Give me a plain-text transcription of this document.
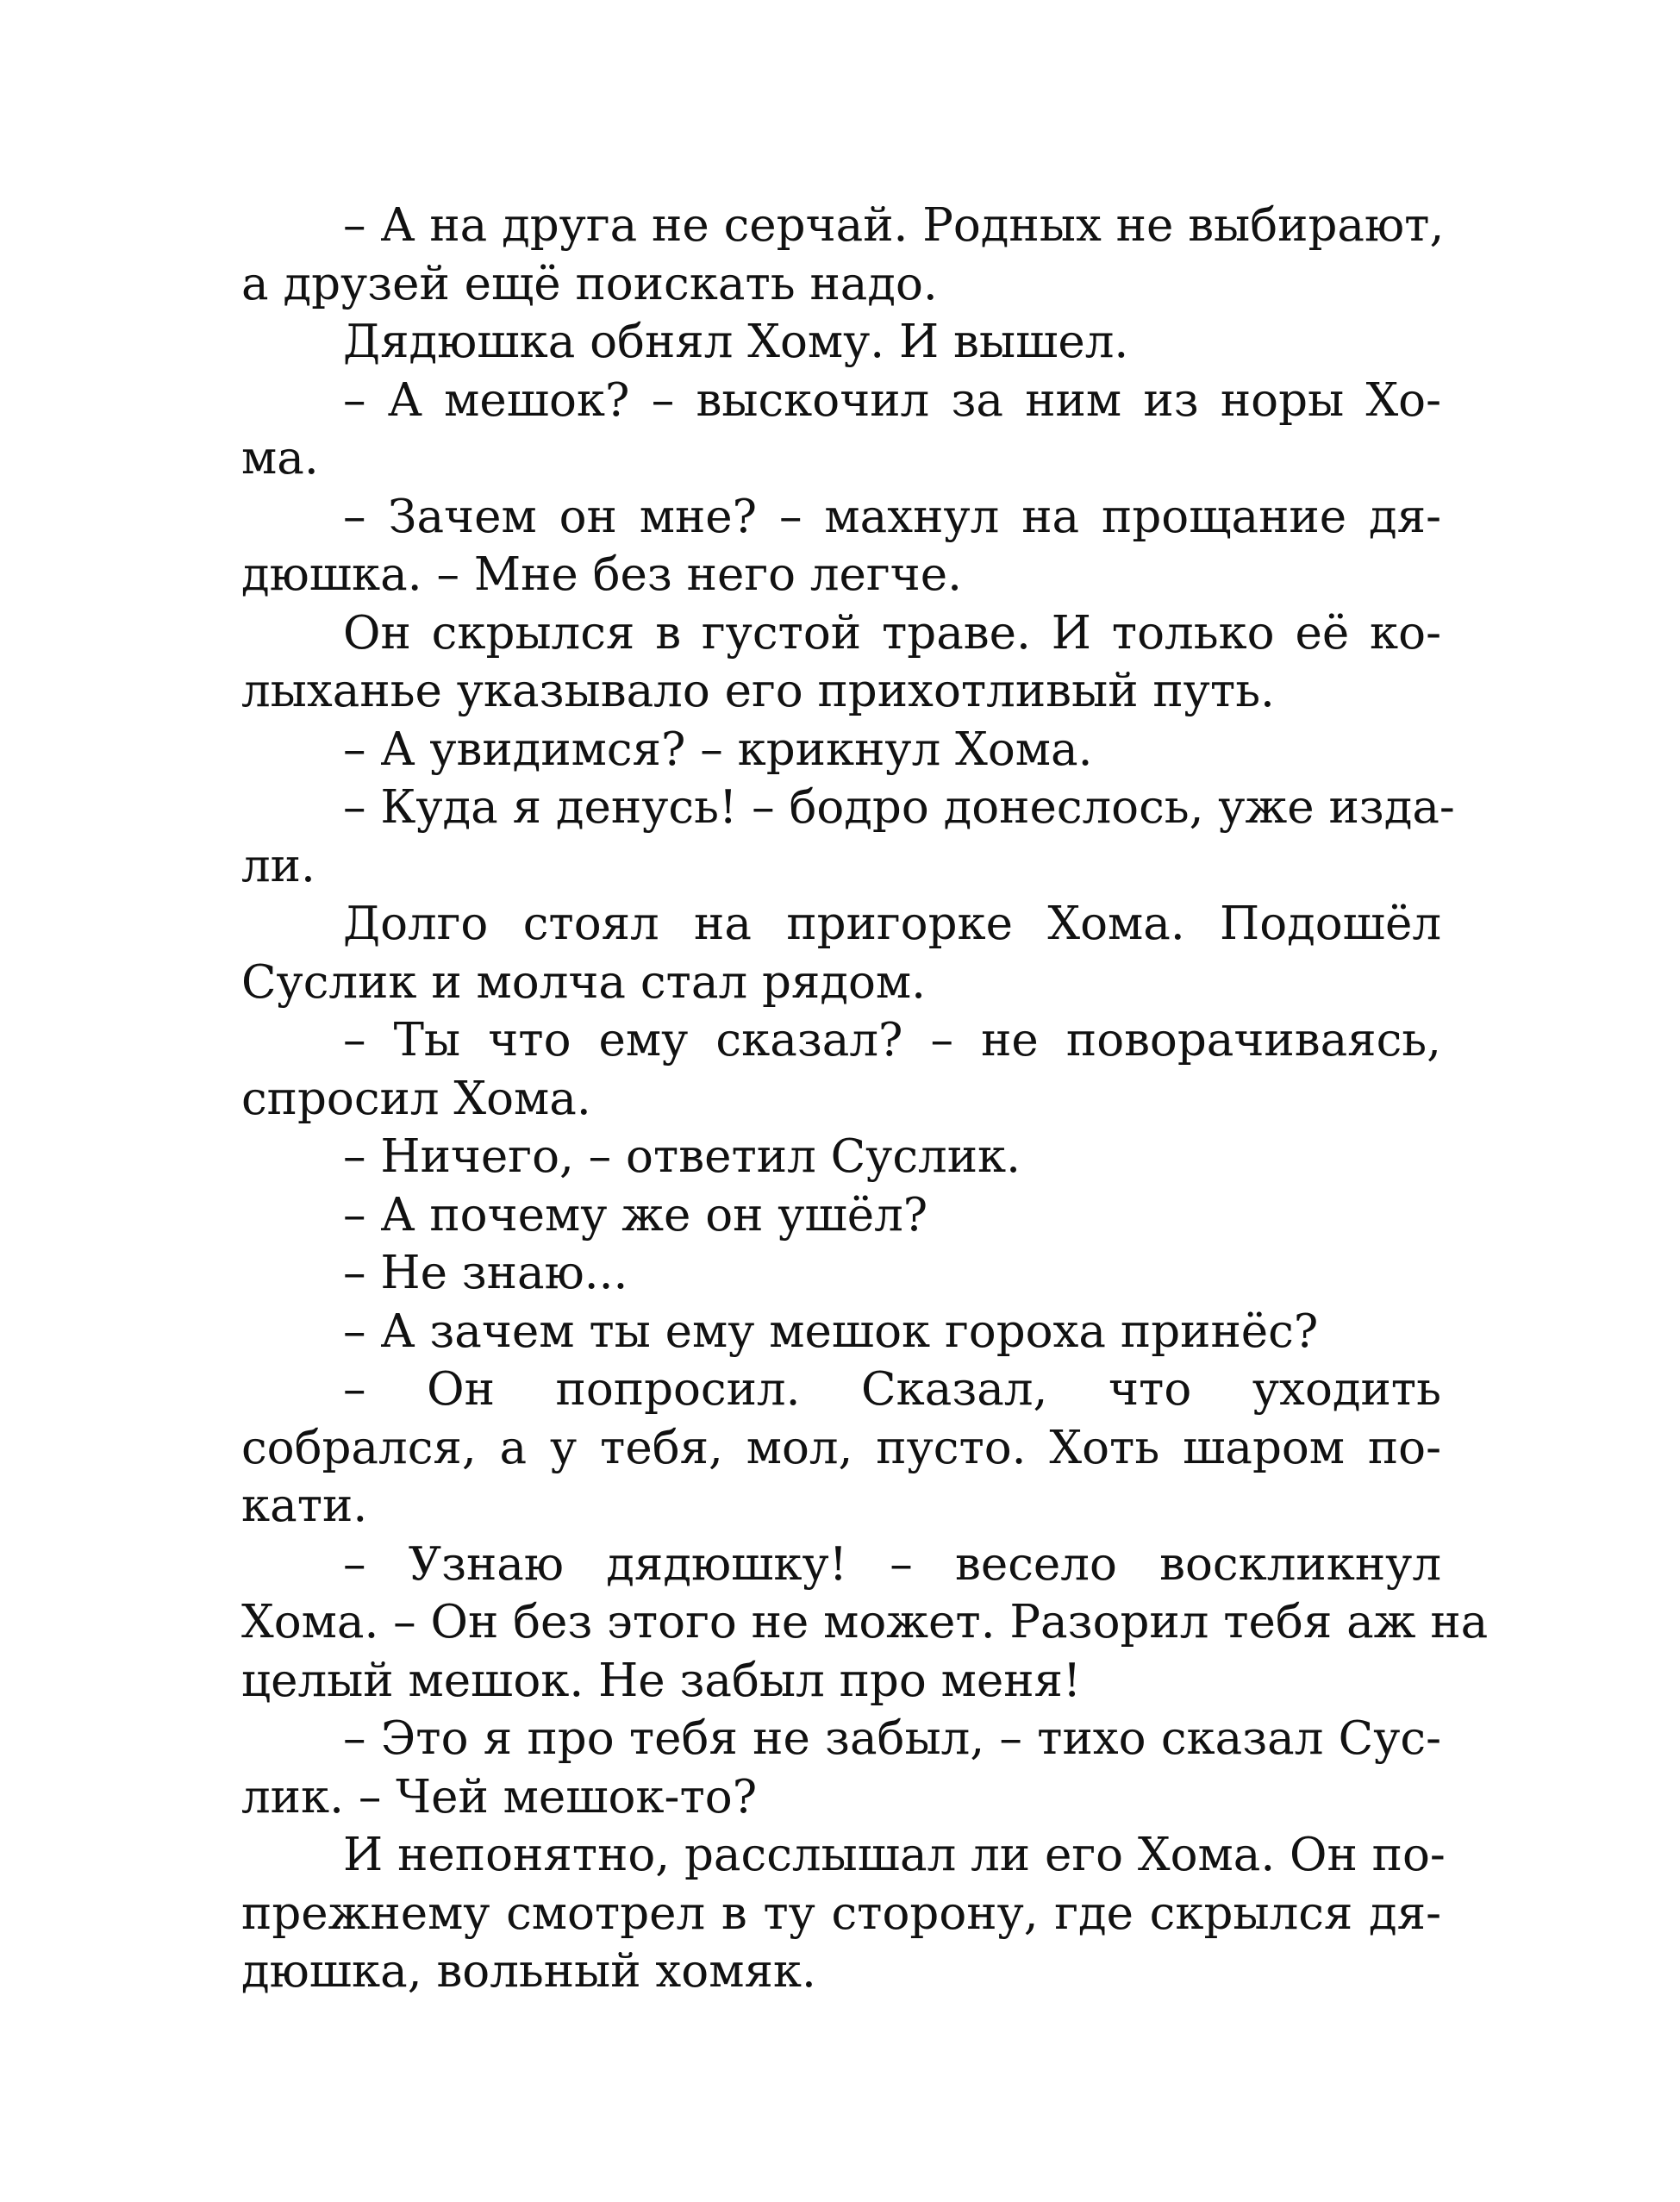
– А на друга не серчай. Родных не выбирают,
а друзей ещё поискать надо.
Дядюшка обнял Хому. И вышел.
– А мешок? – выскочил за ним из норы Хо-
ма.
– Зачем он мне? – махнул на прощание дя-
дюшка. – Мне без него легче.
Он скрылся в густой траве. И только её ко-
лыханье указывало его прихотливый путь.
– А увидимся? – крикнул Хома.
– Куда я денусь! – бодро донеслось, уже изда-
ли.
Долго стоял на пригорке Хома. Подошёл
Суслик и молча стал рядом.
– Ты что ему сказал? – не поворачиваясь,
спросил Хома.
– Ничего, – ответил Суслик.
– А почему же он ушёл?
– Не знаю...
– А зачем ты ему мешок гороха принёс?
– Он попросил. Сказал, что уходить
собрался, а у тебя, мол, пусто. Хоть шаром по-
кати.
– Узнаю дядюшку! – весело воскликнул
Хома. – Он без этого не может. Разорил тебя аж на
целый мешок. Не забыл про меня!
– Это я про тебя не забыл, – тихо сказал Сус-
лик. – Чей мешок-то?
И непонятно, расслышал ли его Хома. Он по-
прежнему смотрел в ту сторону, где скрылся дя-
дюшка, вольный хомяк.
